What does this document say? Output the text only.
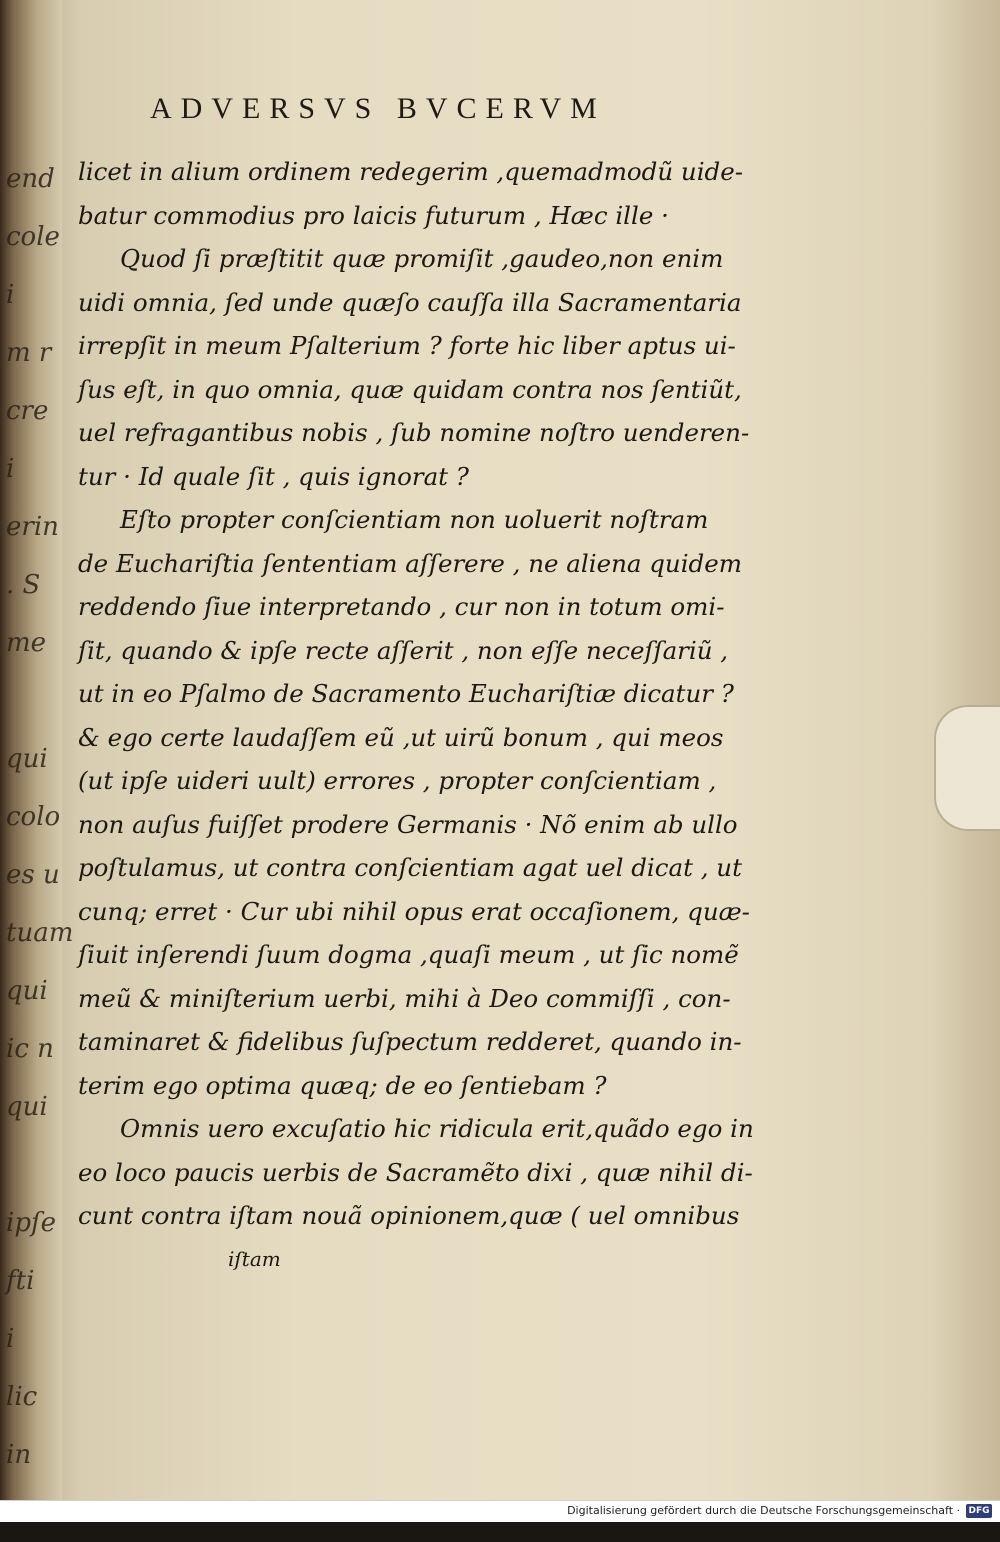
end
cole
i
m r
cre
i
erin
. S
me

qui
colo
es u
tuam
qui
ic n
qui

ipſe
fti
i
lic
in

ADVERSVS BVCERVM
licet in alium ordinem redegerim ,quemadmodũ uide-
batur commodius pro laicis futurum , Hæc ille ·
Quod ſi præſtitit quæ promiſit ,gaudeo,non enim
uidi omnia, ſed unde quæſo cauſſa illa Sacramentaria
irrepſit in meum Pſalterium ? forte hic liber aptus ui-
ſus eſt, in quo omnia, quæ quidam contra nos ſentiũt,
uel refragantibus nobis , ſub nomine noſtro uenderen-
tur · Id quale ſit , quis ignorat ?
Eſto propter conſcientiam non uoluerit noſtram
de Euchariſtia ſententiam aſſerere , ne aliena quidem
reddendo ſiue interpretando , cur non in totum omi-
ſit, quando & ipſe recte aſſerit , non eſſe neceſſariũ ,
ut in eo Pſalmo de Sacramento Euchariſtiæ dicatur ?
& ego certe laudaſſem eũ ,ut uirũ bonum , qui meos
(ut ipſe uideri uult) errores , propter conſcientiam ,
non auſus fuiſſet prodere Germanis · Nõ enim ab ullo
poſtulamus, ut contra conſcientiam agat uel dicat , ut
cunq; erret · Cur ubi nihil opus erat occaſionem, quæ-
ſiuit inſerendi ſuum dogma ,quaſi meum , ut ſic nomẽ
meũ & miniſterium uerbi, mihi à Deo commiſſi , con-
taminaret & fidelibus ſuſpectum redderet, quando in-
terim ego optima quæq; de eo ſentiebam ?
Omnis uero excuſatio hic ridicula erit,quãdo ego in
eo loco paucis uerbis de Sacramẽto dixi , quæ nihil di-
cunt contra iſtam nouã opinionem,quæ ( uel omnibus
iſtam
Digitalisierung gefördert durch die Deutsche Forschungsgemeinschaft · DFG
